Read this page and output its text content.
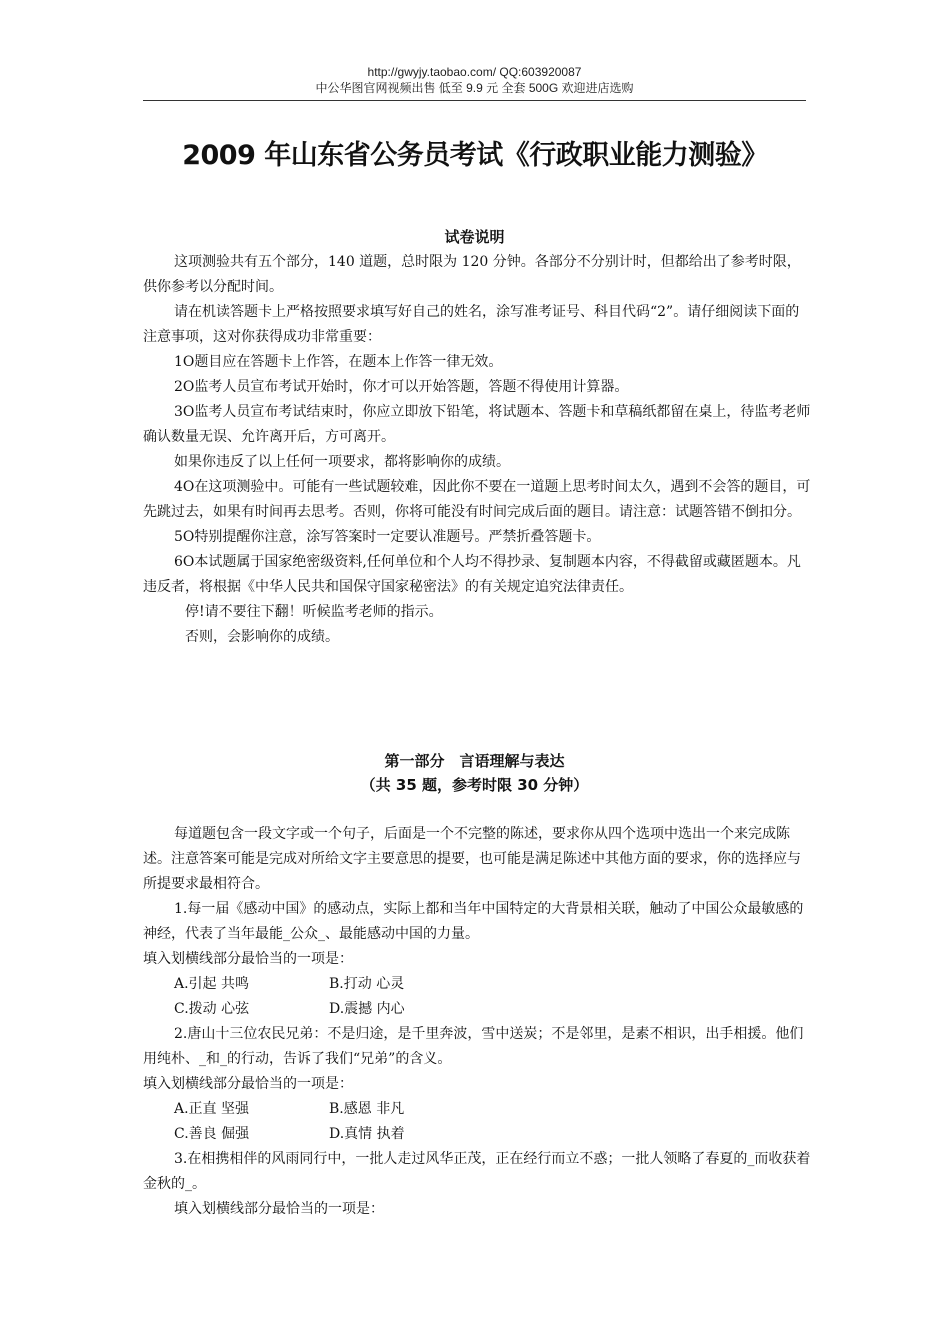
http://gwyjy.taobao.com/ QQ:603920087
中公华图官网视频出售 低至 9.9 元 全套 500G 欢迎进店选购
2009 年山东省公务员考试《行政职业能力测验》
试卷说明

这项测验共有五个部分，140 道题，总时限为 120 分钟。各部分不分别计时，但都给出了参考时限，供你参考以分配时间。

请在机读答题卡上严格按照要求填写好自己的姓名，涂写准考证号、科目代码“2”。请仔细阅读下面的注意事项，这对你获得成功非常重要：

1O题目应在答题卡上作答，在题本上作答一律无效。

2O监考人员宣布考试开始时，你才可以开始答题，答题不得使用计算器。

3O监考人员宣布考试结束时，你应立即放下铅笔，将试题本、答题卡和草稿纸都留在桌上，待监考老师确认数量无误、允许离开后，方可离开。

如果你违反了以上任何一项要求，都将影响你的成绩。

4O在这项测验中。可能有一些试题较难，因此你不要在一道题上思考时间太久，遇到不会答的题目，可先跳过去，如果有时间再去思考。否则，你将可能没有时间完成后面的题目。请注意：试题答错不倒扣分。

5O特别提醒你注意，涂写答案时一定要认准题号。严禁折叠答题卡。

6O本试题属于国家绝密级资料,任何单位和个人均不得抄录、复制题本内容，不得截留或藏匿题本。凡违反者，将根据《中华人民共和国保守国家秘密法》的有关规定追究法律责任。

停!请不要往下翻！听候监考老师的指示。

否则，会影响你的成绩。

第一部分　言语理解与表达
（共 35 题，参考时限 30 分钟）

每道题包含一段文字或一个句子，后面是一个不完整的陈述，要求你从四个选项中选出一个来完成陈述。注意答案可能是完成对所给文字主要意思的提要，也可能是满足陈述中其他方面的要求，你的选择应与所提要求最相符合。

1.每一届《感动中国》的感动点，实际上都和当年中国特定的大背景相关联，触动了中国公众最敏感的神经，代表了当年最能_公众_、最能感动中国的力量。

填入划横线部分最恰当的一项是：

A.引起 共鸣	B.打动 心灵

C.拨动 心弦	D.震撼 内心

2.唐山十三位农民兄弟：不是归途，是千里奔波，雪中送炭；不是邻里，是素不相识，出手相援。他们用纯朴、_和_的行动，告诉了我们“兄弟”的含义。

填入划横线部分最恰当的一项是：

A.正直 坚强	B.感恩 非凡

C.善良 倔强	D.真情 执着

3.在相携相伴的风雨同行中，一批人走过风华正茂，正在经行而立不惑；一批人领略了春夏的_而收获着金秋的_。

填入划横线部分最恰当的一项是：
